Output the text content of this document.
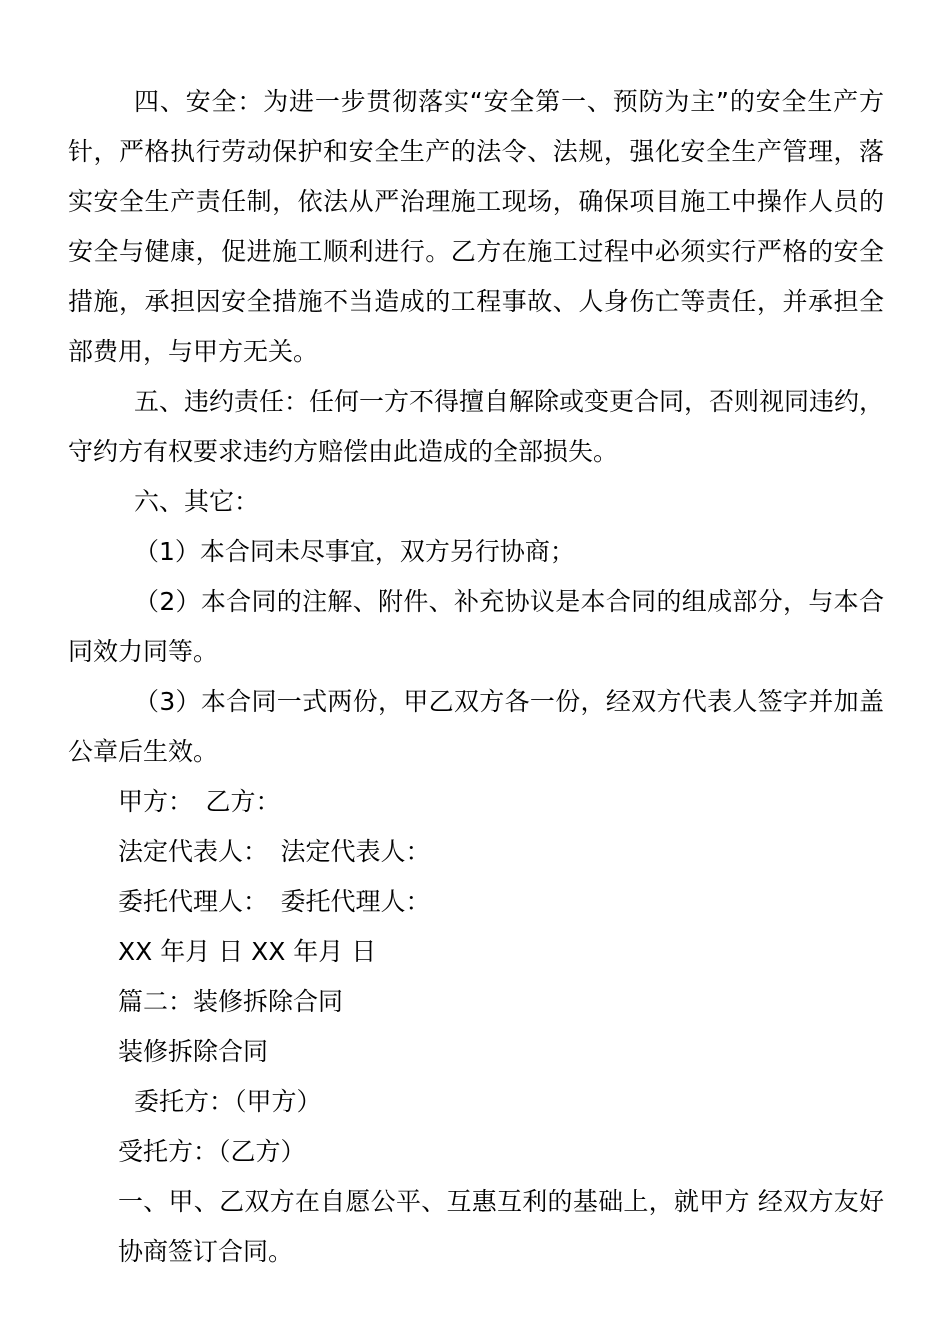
四、安全：为进一步贯彻落实“安全第一、预防为主”的安全生产方针，严格执行劳动保护和安全生产的法令、法规，强化安全生产管理，落实安全生产责任制，依法从严治理施工现场，确保项目施工中操作人员的安全与健康，促进施工顺利进行。乙方在施工过程中必须实行严格的安全措施，承担因安全措施不当造成的工程事故、人身伤亡等责任，并承担全部费用，与甲方无关。

五、违约责任：任何一方不得擅自解除或变更合同，否则视同违约，守约方有权要求违约方赔偿由此造成的全部损失。

六、其它：

（1）本合同未尽事宜，双方另行协商；

（2）本合同的注解、附件、补充协议是本合同的组成部分，与本合同效力同等。

（3）本合同一式两份，甲乙双方各一份，经双方代表人签字并加盖公章后生效。

甲方：　乙方：

法定代表人：　法定代表人：

委托代理人：　委托代理人：

XX 年月 日 XX 年月 日

篇二：装修拆除合同

装修拆除合同

委托方：（甲方）

受托方：（乙方）

一、甲、乙双方在自愿公平、互惠互利的基础上，就甲方 经双方友好协商签订合同。
